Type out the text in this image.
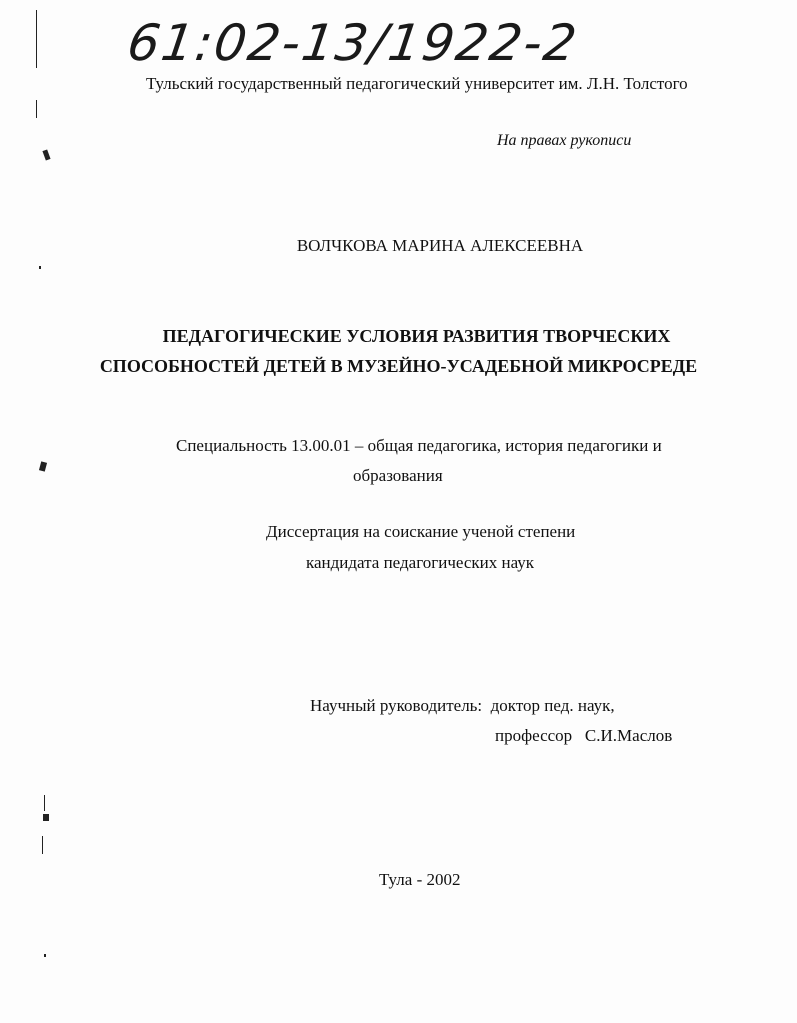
61:02-13/1922-2
Тульский государственный педагогический университет им. Л.Н. Толстого
На правах рукописи
ВОЛЧКОВА МАРИНА АЛЕКСЕЕВНА
ПЕДАГОГИЧЕСКИЕ УСЛОВИЯ РАЗВИТИЯ ТВОРЧЕСКИХ
СПОСОБНОСТЕЙ ДЕТЕЙ В МУЗЕЙНО-УСАДЕБНОЙ МИКРОСРЕДЕ
Специальность 13.00.01 – общая педагогика, история педагогики и
образования
Диссертация на соискание ученой степени
кандидата педагогических наук
Научный руководитель:  доктор пед. наук,
профессор   С.И.Маслов
Тула - 2002
